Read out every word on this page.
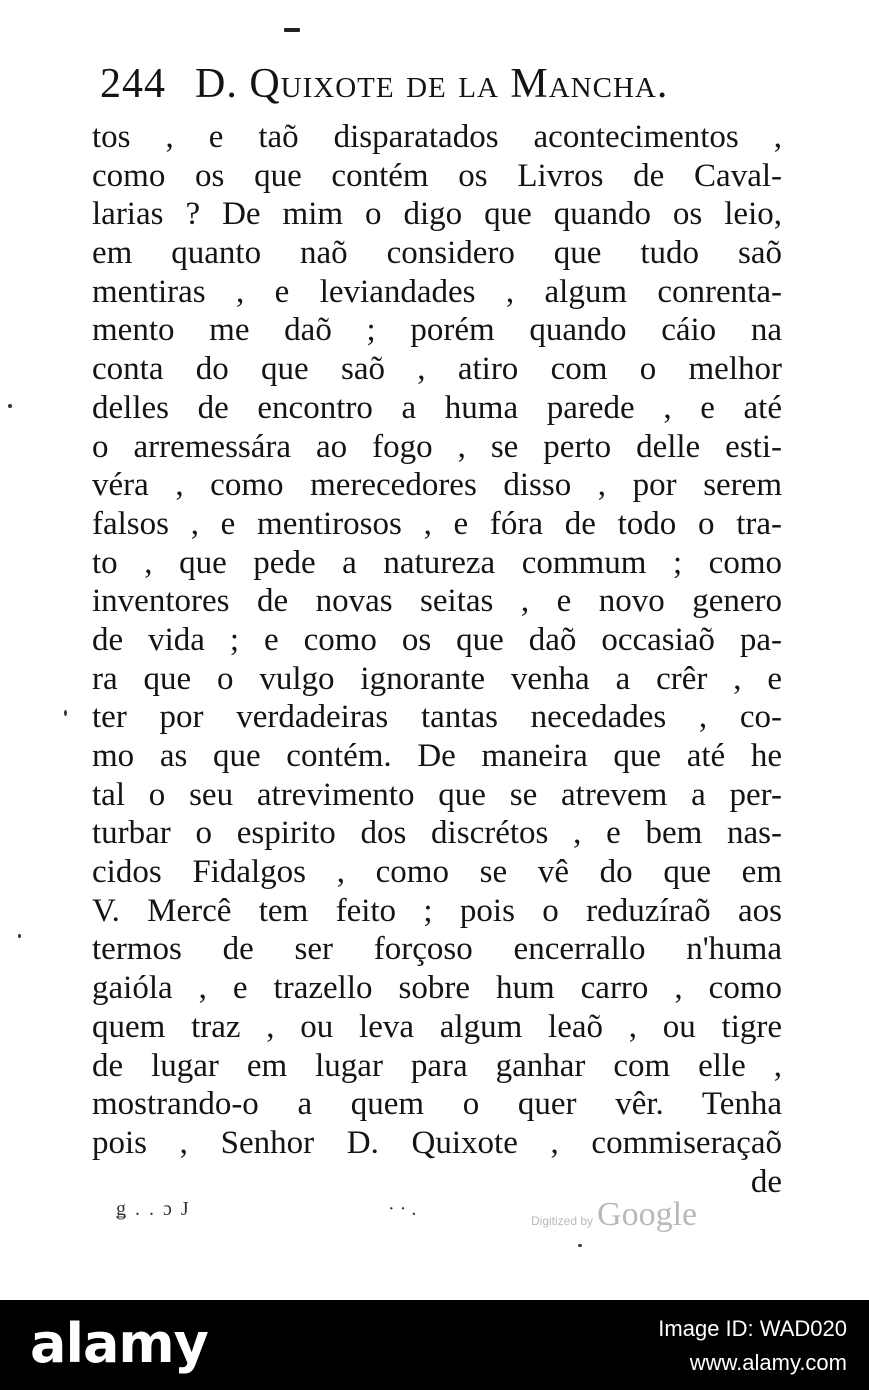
244 D. Quixote de la Mancha.
tos , e taõ disparatados acontecimentos ,
como os que contém os Livros de Caval-
larias ? De mim o digo que quando os leio,
em quanto naõ considero que tudo saõ
mentiras , e leviandades , algum conrenta-
mento me daõ ; porém quando cáio na
conta do que saõ , atiro com o melhor
delles de encontro a huma parede , e até
o arremessára ao fogo , se perto delle esti-
véra , como merecedores disso , por serem
falsos , e mentirosos , e fóra de todo o tra-
to , que pede a natureza commum ; como
inventores de novas seitas , e novo genero
de vida ; e como os que daõ occasiaõ pa-
ra que o vulgo ignorante venha a crêr , e
ter por verdadeiras tantas necedades , co-
mo as que contém. De maneira que até he
tal o seu atrevimento que se atrevem a per-
turbar o espirito dos discrétos , e bem nas-
cidos Fidalgos , como se vê do que em
V. Mercê tem feito ; pois o reduzíraõ aos
termos de ser forçoso encerrallo n'huma
gaióla , e trazello sobre hum carro , como
quem traz , ou leva algum leaõ , ou tigre
de lugar em lugar para ganhar com elle ,
mostrando-o a quem o quer vêr. Tenha
pois , Senhor D. Quixote , commiseraçaõ
de
ǥ . . ɔ J	· · .
Digitized by Google
alamy	Image ID: WAD020
www.alamy.com
